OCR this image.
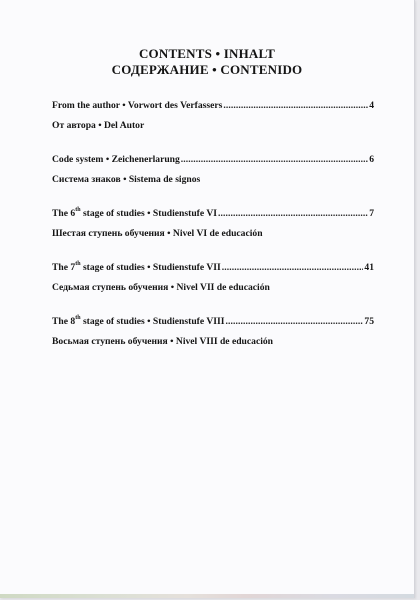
CONTENTS • INHALT
СОДЕРЖАНИЕ • CONTENIDO
From the author • Vorwort des Verfassers .....	4
От автора • Del Autor
Code system • Zeichenerlarung .....	6
Система знаков • Sistema de signos
The 6th stage of studies • Studienstufe VI .....	7
Шестая ступень обучения • Nivel VI de educación
The 7th stage of studies • Studienstufe VII .....	41
Седьмая ступень обучения • Nivel VII de educación
The 8th stage of studies • Studienstufe VIII .....	75
Восьмая ступень обучения • Nivel VIII de educación
